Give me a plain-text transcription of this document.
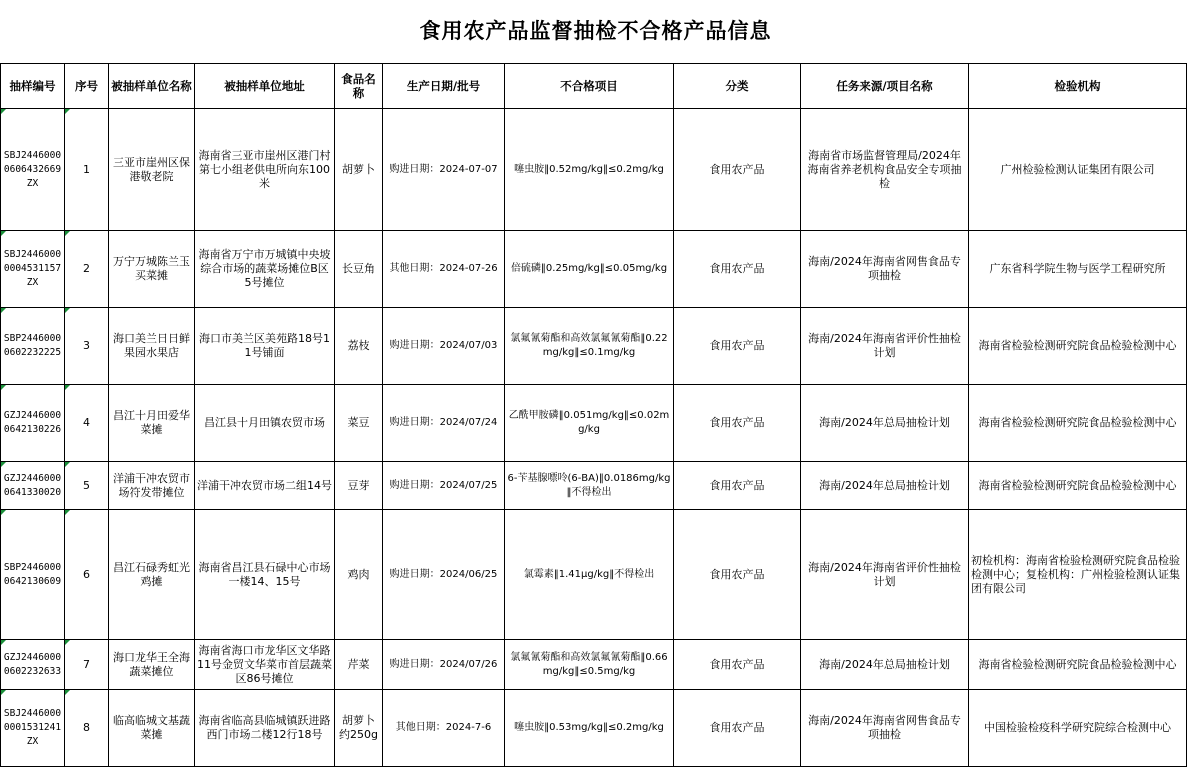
食用农产品监督抽检不合格产品信息
抽样编号	序号	被抽样单位名称	被抽样单位地址	食品名称	生产日期/批号	不合格项目	分类	任务来源/项目名称	检验机构
SBJ24460000606432669ZX	1	三亚市崖州区保港敬老院	海南省三亚市崖州区港门村第七小组老供电所向东100米	胡萝卜	购进日期：2024-07-07	噻虫胺‖0.52mg/kg‖≤0.2mg/kg	食用农产品	海南省市场监督管理局/2024年海南省养老机构食品安全专项抽检	广州检验检测认证集团有限公司
SBJ24460000004531157ZX	2	万宁万城陈兰玉买菜摊	海南省万宁市万城镇中央坡综合市场的蔬菜场摊位B区5号摊位	长豆角	其他日期：2024-07-26	倍硫磷‖0.25mg/kg‖≤0.05mg/kg	食用农产品	海南/2024年海南省网售食品专项抽检	广东省科学院生物与医学工程研究所
SBP24460000602232225	3	海口美兰日日鲜果园水果店	海口市美兰区美苑路18号11号铺面	荔枝	购进日期：2024/07/03	氯氟氰菊酯和高效氯氟氰菊酯‖0.22mg/kg‖≤0.1mg/kg	食用农产品	海南/2024年海南省评价性抽检计划	海南省检验检测研究院食品检验检测中心
GZJ24460000642130226	4	昌江十月田爱华菜摊	昌江县十月田镇农贸市场	菜豆	购进日期：2024/07/24	乙酰甲胺磷‖0.051mg/kg‖≤0.02mg/kg	食用农产品	海南/2024年总局抽检计划	海南省检验检测研究院食品检验检测中心
GZJ24460000641330020	5	洋浦干冲农贸市场符发带摊位	洋浦干冲农贸市场二组14号	豆芽	购进日期：2024/07/25	6-苄基腺嘌呤(6-BA)‖0.0186mg/kg‖不得检出	食用农产品	海南/2024年总局抽检计划	海南省检验检测研究院食品检验检测中心
SBP24460000642130609	6	昌江石碌秀虹光鸡摊	海南省昌江县石碌中心市场一楼14、15号	鸡肉	购进日期：2024/06/25	氯霉素‖1.41μg/kg‖不得检出	食用农产品	海南/2024年海南省评价性抽检计划	初检机构：海南省检验检测研究院食品检验检测中心；复检机构：广州检验检测认证集团有限公司
GZJ24460000602232633	7	海口龙华王全海蔬菜摊位	海南省海口市龙华区文华路11号金贸文华菜市首层蔬菜区86号摊位	芹菜	购进日期：2024/07/26	氯氟氰菊酯和高效氯氟氰菊酯‖0.66mg/kg‖≤0.5mg/kg	食用农产品	海南/2024年总局抽检计划	海南省检验检测研究院食品检验检测中心
SBJ24460000001531241ZX	8	临高临城文基蔬菜摊	海南省临高县临城镇跃进路西门市场二楼12行18号	胡萝卜约250g	其他日期：2024-7-6	噻虫胺‖0.53mg/kg‖≤0.2mg/kg	食用农产品	海南/2024年海南省网售食品专项抽检	中国检验检疫科学研究院综合检测中心
